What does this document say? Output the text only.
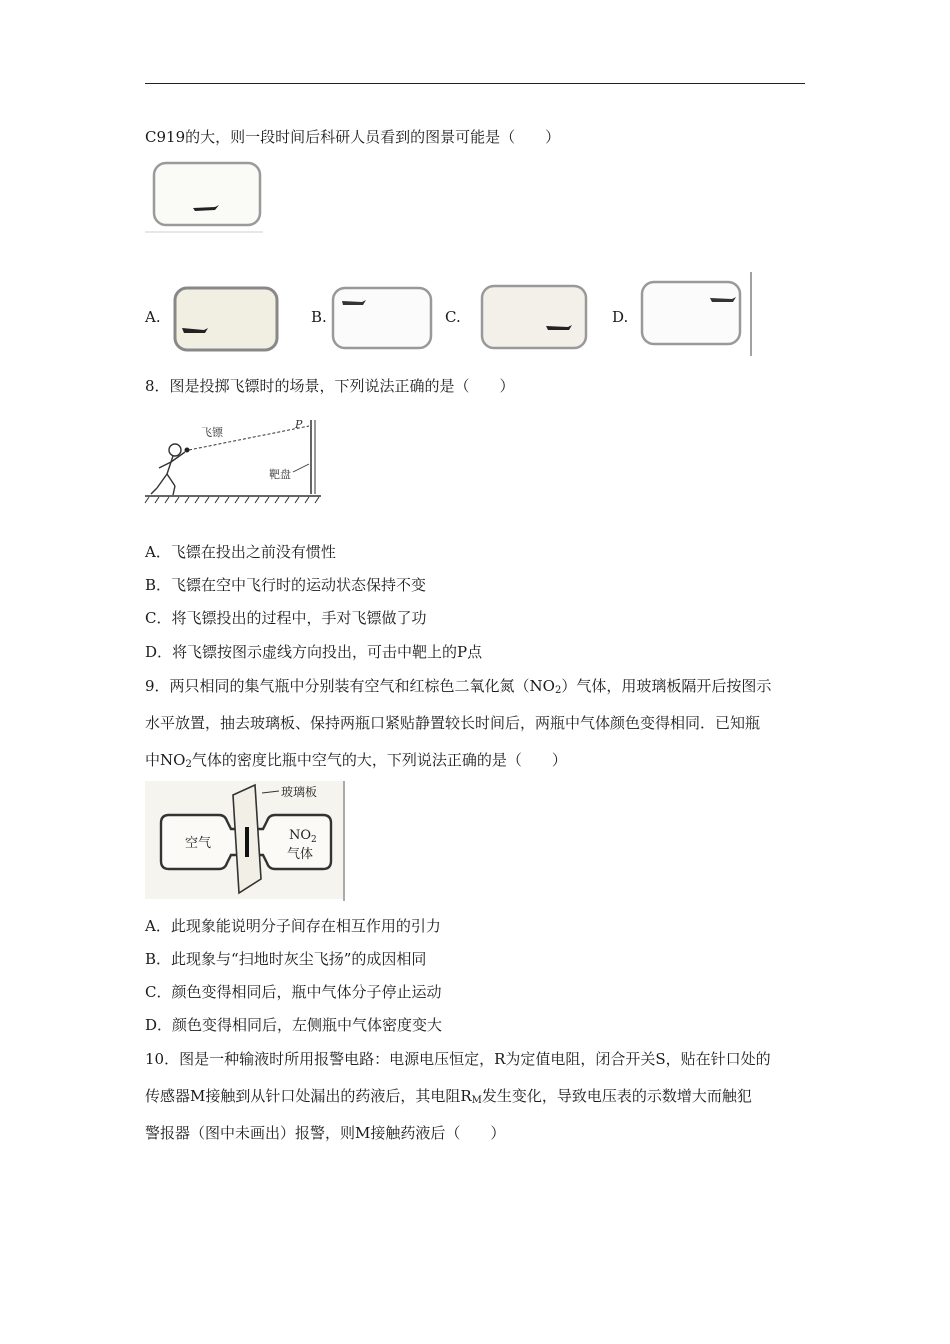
C919的大，则一段时间后科研人员看到的图景可能是（　　）
A.	B.	C.	D.
8．图是投掷飞镖时的场景，下列说法正确的是（　　）
飞镖
P
靶盘
A．飞镖在投出之前没有惯性
B．飞镖在空中飞行时的运动状态保持不变
C．将飞镖投出的过程中，手对飞镖做了功
D．将飞镖按图示虚线方向投出，可击中靶上的P点
9．两只相同的集气瓶中分别装有空气和红棕色二氧化氮$(NO_2)$气体，用玻璃板隔开后按图示
水平放置，抽去玻璃板、保持两瓶口紧贴静置较长时间后，两瓶中气体颜色变得相同．已知瓶
中$NO_2$气体的密度比瓶中空气的大，下列说法正确的是（　　）
空气
玻璃板
$NO_2$
气体
A．此现象能说明分子间存在相互作用的引力
B．此现象与“扫地时灰尘飞扬”的成因相同
C．颜色变得相同后，瓶中气体分子停止运动
D．颜色变得相同后，左侧瓶中气体密度变大
10．图是一种输液时所用报警电路：电源电压恒定，R为定值电阻，闭合开关S，贴在针口处的
传感器M接触到从针口处漏出的药液后，其电阻$R_M$发生变化，导致电压表的示数增大而触犯
警报器（图中未画出）报警，则M接触药液后（　　）
